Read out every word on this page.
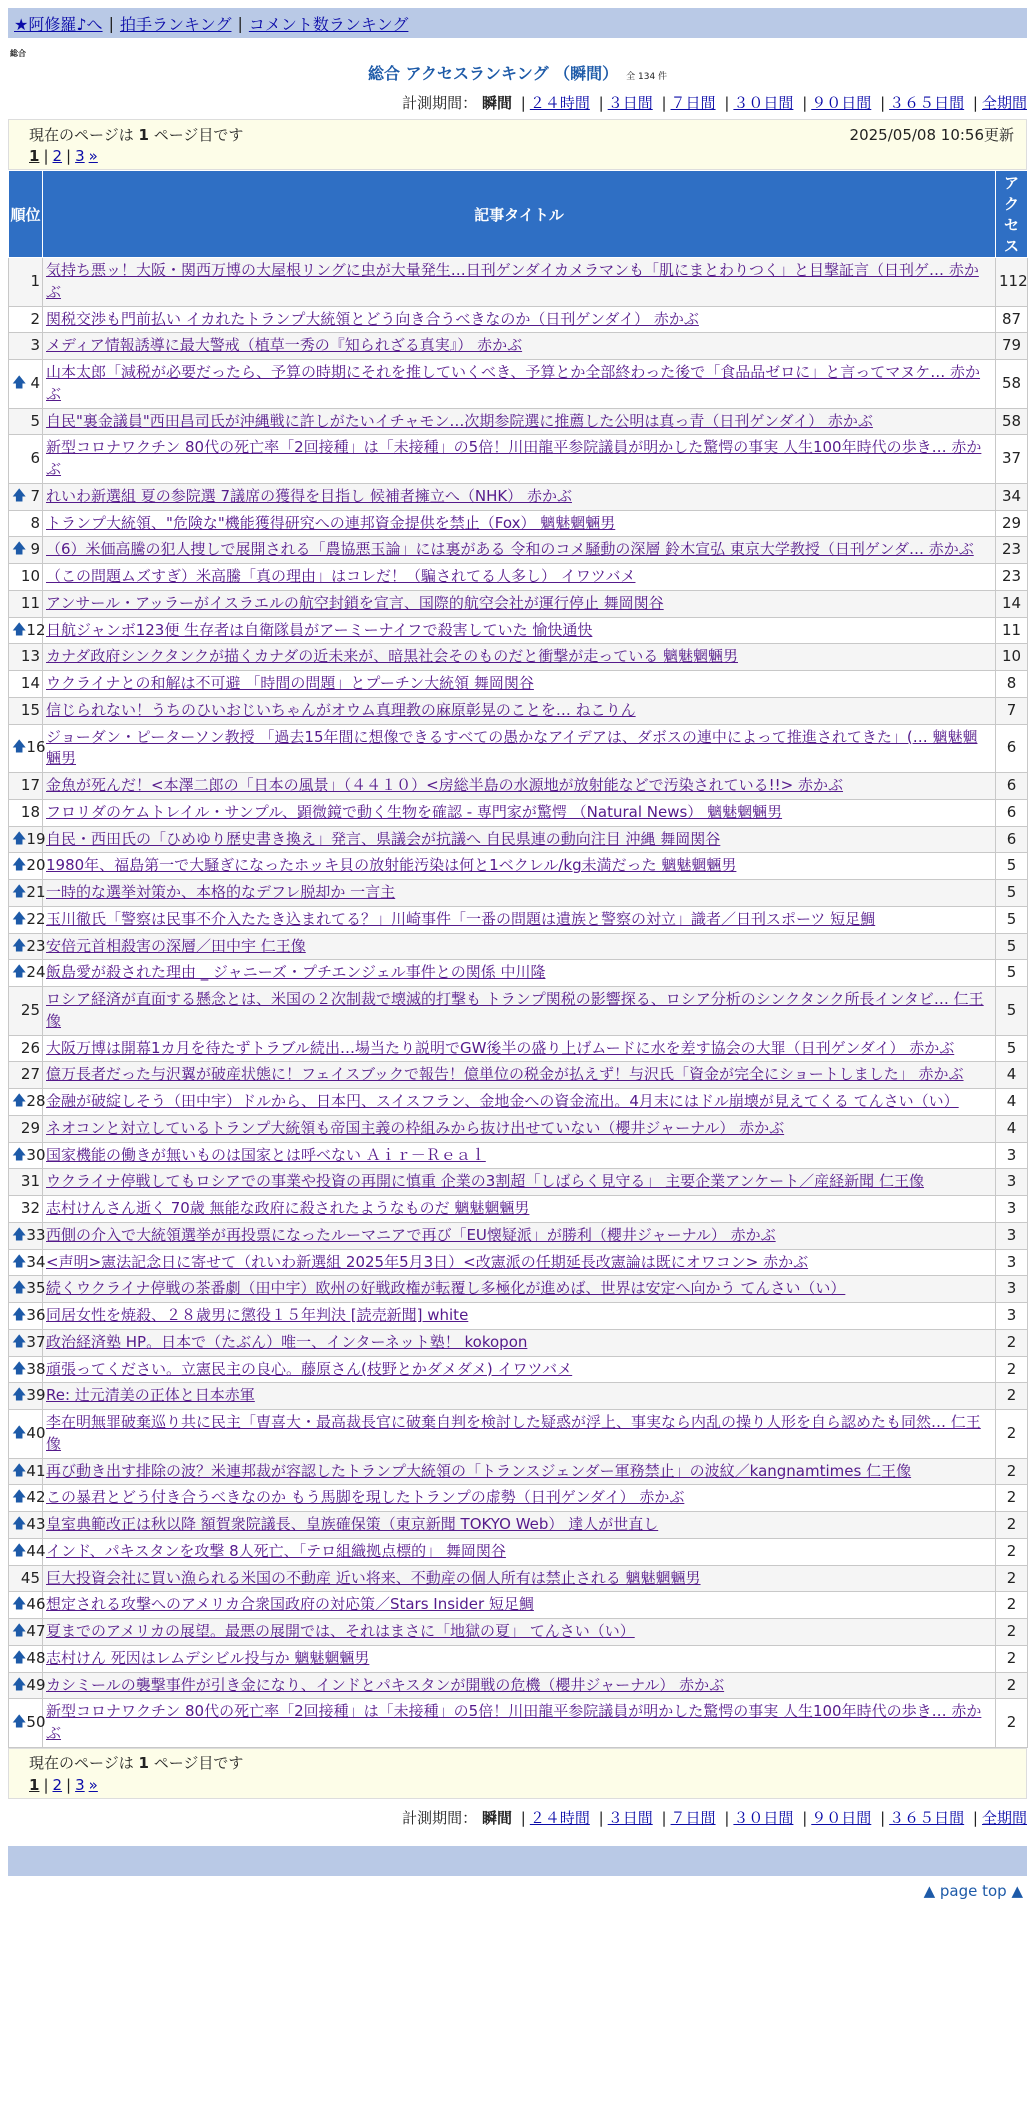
★阿修羅♪へ | 拍手ランキング | コメント数ランキング
総合
総合 アクセスランキング （瞬間） 全 134 件
計測期間： 瞬間 | ２４時間 | ３日間 | ７日間 | ３０日間 | ９０日間 | ３６５日間 | 全期間
現在のページは 1 ページ目です	2025/05/08 10:56更新
1 | 2 | 3 »
順位	記事タイトル	アクセス
1	気持ち悪ッ！大阪・関西万博の大屋根リングに虫が大量発生…日刊ゲンダイカメラマンも「肌にまとわりつく」と目撃証言（日刊ゲ… 赤かぶ	112
2	関税交渉も門前払い イカれたトランプ大統領とどう向き合うべきなのか（日刊ゲンダイ） 赤かぶ	87
3	メディア情報誘導に最大警戒（植草一秀の『知られざる真実』） 赤かぶ	79

🡅 4	山本太郎「減税が必要だったら、予算の時期にそれを推していくべき、予算とか全部終わった後で「食品品ゼロに」と言ってマヌケ… 赤かぶ	58
5	自民"裏金議員"西田昌司氏が沖縄戦に許しがたいイチャモン…次期参院選に推薦した公明は真っ青（日刊ゲンダイ） 赤かぶ	58
6	新型コロナワクチン 80代の死亡率「2回接種」は「未接種」の5倍！川田龍平参院議員が明かした驚愕の事実 人生100年時代の歩き… 赤かぶ	37

🡅 7	れいわ新選組 夏の参院選 7議席の獲得を目指し 候補者擁立へ（NHK） 赤かぶ	34
8	トランプ大統領、"危険な"機能獲得研究への連邦資金提供を禁止（Fox） 魑魅魍魎男	29

🡅 9	（6）米価高騰の犯人捜しで展開される「農協悪玉論」には裏がある 令和のコメ騒動の深層 鈴木宣弘 東京大学教授（日刊ゲンダ… 赤かぶ	23
10	（この問題ムズすぎ）米高騰「真の理由」はコレだ！（騙されてる人多し） イワツバメ	23
11	アンサール・アッラーがイスラエルの航空封鎖を宣言、国際的航空会社が運行停止 舞岡関谷	14

🡅 12	日航ジャンボ123便 生存者は自衛隊員がアーミーナイフで殺害していた 愉快通快	11
13	カナダ政府シンクタンクが描くカナダの近未来が、暗黒社会そのものだと衝撃が走っている 魑魅魍魎男	10
14	ウクライナとの和解は不可避 「時間の問題」とプーチン大統領 舞岡関谷	8
15	信じられない！うちのひいおじいちゃんがオウム真理教の麻原彰晃のことを… ねこりん	7

🡅 16	ジョーダン・ピーターソン教授 「過去15年間に想像できるすべての愚かなアイデアは、ダボスの連中によって推進されてきた」(… 魑魅魍魎男	6
17	金魚が死んだ！<本澤二郎の「日本の風景」（４４１０）<房総半島の水源地が放射能などで汚染されている!!> 赤かぶ	6
18	フロリダのケムトレイル・サンプル、顕微鏡で動く生物を確認 - 専門家が驚愕 （Natural News） 魑魅魍魎男	6

🡅 19	自民・西田氏の「ひめゆり歴史書き換え」発言、県議会が抗議へ 自民県連の動向注目 沖縄 舞岡関谷	6

🡅 20	1980年、福島第一で大騒ぎになったホッキ貝の放射能汚染は何と1ベクレル/kg未満だった 魑魅魍魎男	5

🡅 21	一時的な選挙対策か、本格的なデフレ脱却か 一言主	5

🡅 22	玉川徹氏「警察は民事不介入たたき込まれてる？」川崎事件「一番の問題は遺族と警察の対立」識者／日刊スポーツ 短足鯛	5

🡅 23	安倍元首相殺害の深層／田中宇 仁王像	5

🡅 24	飯島愛が殺された理由 _ ジャニーズ・プチエンジェル事件との関係 中川隆	5
25	ロシア経済が直面する懸念とは、米国の２次制裁で壊滅的打撃も トランプ関税の影響探る、ロシア分析のシンクタンク所長インタビ… 仁王像	5
26	大阪万博は開幕1カ月を待たずトラブル続出…場当たり説明でGW後半の盛り上げムードに水を差す協会の大罪（日刊ゲンダイ） 赤かぶ	5
27	億万長者だった与沢翼が破産状態に！フェイスブックで報告！億単位の税金が払えず！与沢氏「資金が完全にショートしました」 赤かぶ	4

🡅 28	金融が破綻しそう（田中宇）ドルから、日本円、スイスフラン、金地金への資金流出。4月末にはドル崩壊が見えてくる てんさい（い）	4
29	ネオコンと対立しているトランプ大統領も帝国主義の枠組みから抜け出せていない（櫻井ジャーナル） 赤かぶ	4

🡅 30	国家機能の働きが無いものは国家とは呼べない Ａｉｒ－Ｒｅａｌ	3
31	ウクライナ停戦してもロシアでの事業や投資の再開に慎重 企業の3割超「しばらく見守る」 主要企業アンケート／産経新聞 仁王像	3
32	志村けんさん逝く 70歳 無能な政府に殺されたようなものだ 魑魅魍魎男	3

🡅 33	西側の介入で大統領選挙が再投票になったルーマニアで再び「EU懐疑派」が勝利（櫻井ジャーナル） 赤かぶ	3

🡅 34	<声明>憲法記念日に寄せて（れいわ新選組 2025年5月3日）<改憲派の任期延長改憲論は既にオワコン> 赤かぶ	3

🡅 35	続くウクライナ停戦の茶番劇（田中宇）欧州の好戦政権が転覆し多極化が進めば、世界は安定へ向かう てんさい（い）	3

🡅 36	同居女性を焼殺、２８歳男に懲役１５年判決 [読売新聞] white	3

🡅 37	政治経済塾 HP。日本で（たぶん）唯一、インターネット塾！ kokopon	2

🡅 38	頑張ってください。立憲民主の良心。藤原さん(枝野とかダメダメ) イワツバメ	2

🡅 39	Re: 辻元清美の正体と日本赤軍	2

🡅 40	李在明無罪破棄巡り共に民主「曺喜大・最高裁長官に破棄自判を検討した疑惑が浮上、事実なら内乱の操り人形を自ら認めたも同然… 仁王像	2

🡅 41	再び動き出す排除の波？米連邦裁が容認したトランプ大統領の「トランスジェンダー軍務禁止」の波紋／kangnamtimes 仁王像	2

🡅 42	この暴君とどう付き合うべきなのか もう馬脚を現したトランプの虚勢（日刊ゲンダイ） 赤かぶ	2

🡅 43	皇室典範改正は秋以降 額賀衆院議長、皇族確保策（東京新聞 TOKYO Web） 達人が世直し	2

🡅 44	インド、パキスタンを攻撃 8人死亡、「テロ組織拠点標的」 舞岡関谷	2
45	巨大投資会社に買い漁られる米国の不動産 近い将来、不動産の個人所有は禁止される 魑魅魍魎男	2

🡅 46	想定される攻撃へのアメリカ合衆国政府の対応策／Stars Insider 短足鯛	2

🡅 47	夏までのアメリカの展望。最悪の展開では、それはまさに「地獄の夏」 てんさい（い）	2

🡅 48	志村けん 死因はレムデシビル投与か 魑魅魍魎男	2

🡅 49	カシミールの襲撃事件が引き金になり、インドとパキスタンが開戦の危機（櫻井ジャーナル） 赤かぶ	2

🡅 50	新型コロナワクチン 80代の死亡率「2回接種」は「未接種」の5倍！川田龍平参院議員が明かした驚愕の事実 人生100年時代の歩き… 赤かぶ	2
現在のページは 1 ページ目です
1 | 2 | 3 »
計測期間： 瞬間 | ２４時間 | ３日間 | ７日間 | ３０日間 | ９０日間 | ３６５日間 | 全期間
▲ page top ▲
